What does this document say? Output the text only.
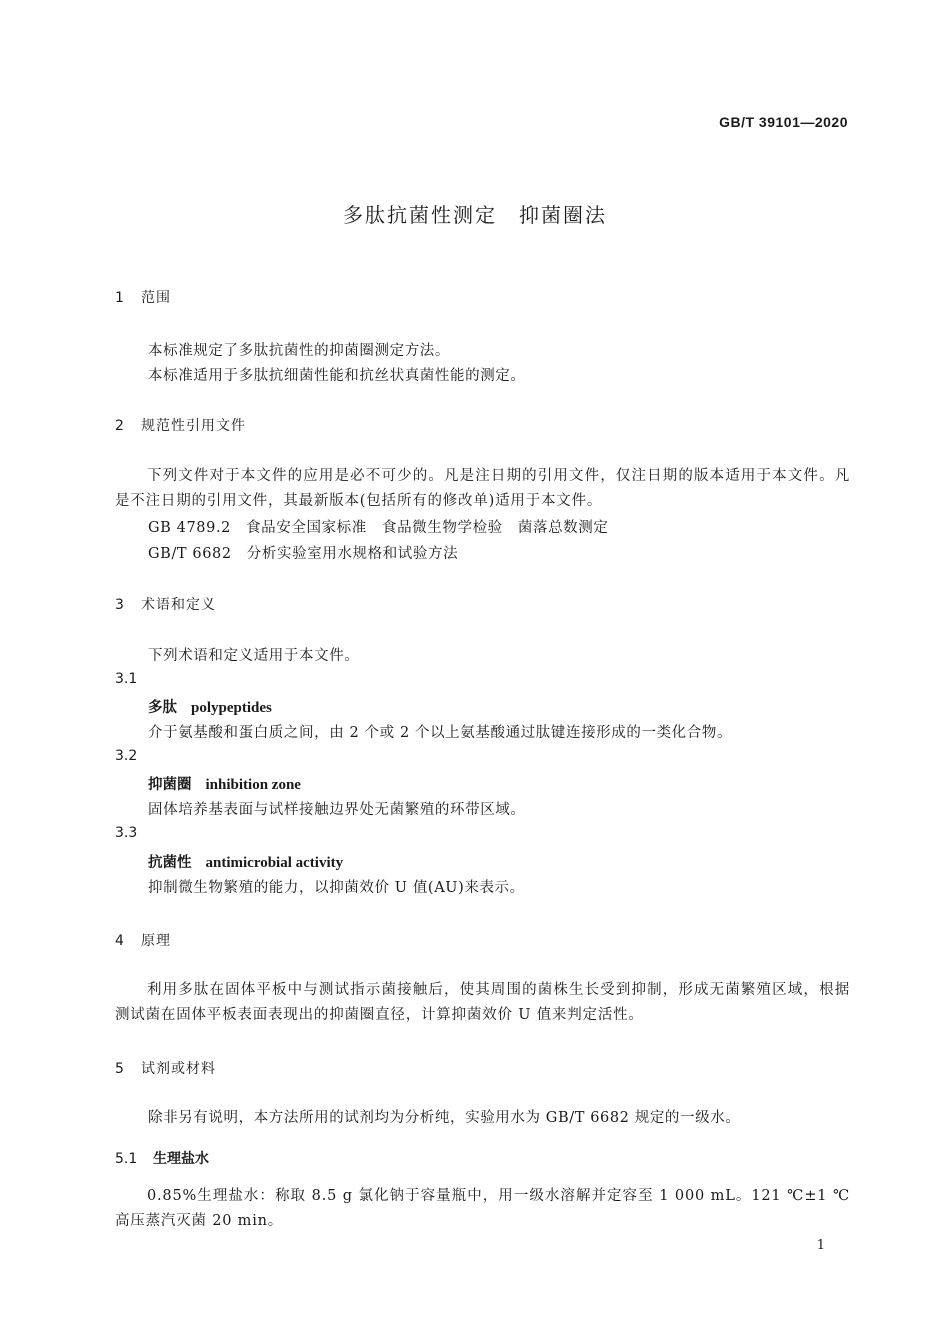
GB/T 39101—2020
多肽抗菌性测定　抑菌圈法
1 范围
本标准规定了多肽抗菌性的抑菌圈测定方法。
本标准适用于多肽抗细菌性能和抗丝状真菌性能的测定。
2 规范性引用文件
下列文件对于本文件的应用是必不可少的。凡是注日期的引用文件，仅注日期的版本适用于本文件。凡是不注日期的引用文件，其最新版本(包括所有的修改单)适用于本文件。
GB 4789.2　食品安全国家标准　食品微生物学检验　菌落总数测定
GB/T 6682　分析实验室用水规格和试验方法
3 术语和定义
下列术语和定义适用于本文件。
3.1
多肽 polypeptides
介于氨基酸和蛋白质之间，由 2 个或 2 个以上氨基酸通过肽键连接形成的一类化合物。
3.2
抑菌圈 inhibition zone
固体培养基表面与试样接触边界处无菌繁殖的环带区域。
3.3
抗菌性 antimicrobial activity
抑制微生物繁殖的能力，以抑菌效价 U 值(AU)来表示。
4 原理
利用多肽在固体平板中与测试指示菌接触后，使其周围的菌株生长受到抑制，形成无菌繁殖区域，根据测试菌在固体平板表面表现出的抑菌圈直径，计算抑菌效价 U 值来判定活性。
5 试剂或材料
除非另有说明，本方法所用的试剂均为分析纯，实验用水为 GB/T 6682 规定的一级水。
5.1 生理盐水
0.85%生理盐水：称取 8.5 g 氯化钠于容量瓶中，用一级水溶解并定容至 1 000 mL。121 ℃±1 ℃高压蒸汽灭菌 20 min。
1
